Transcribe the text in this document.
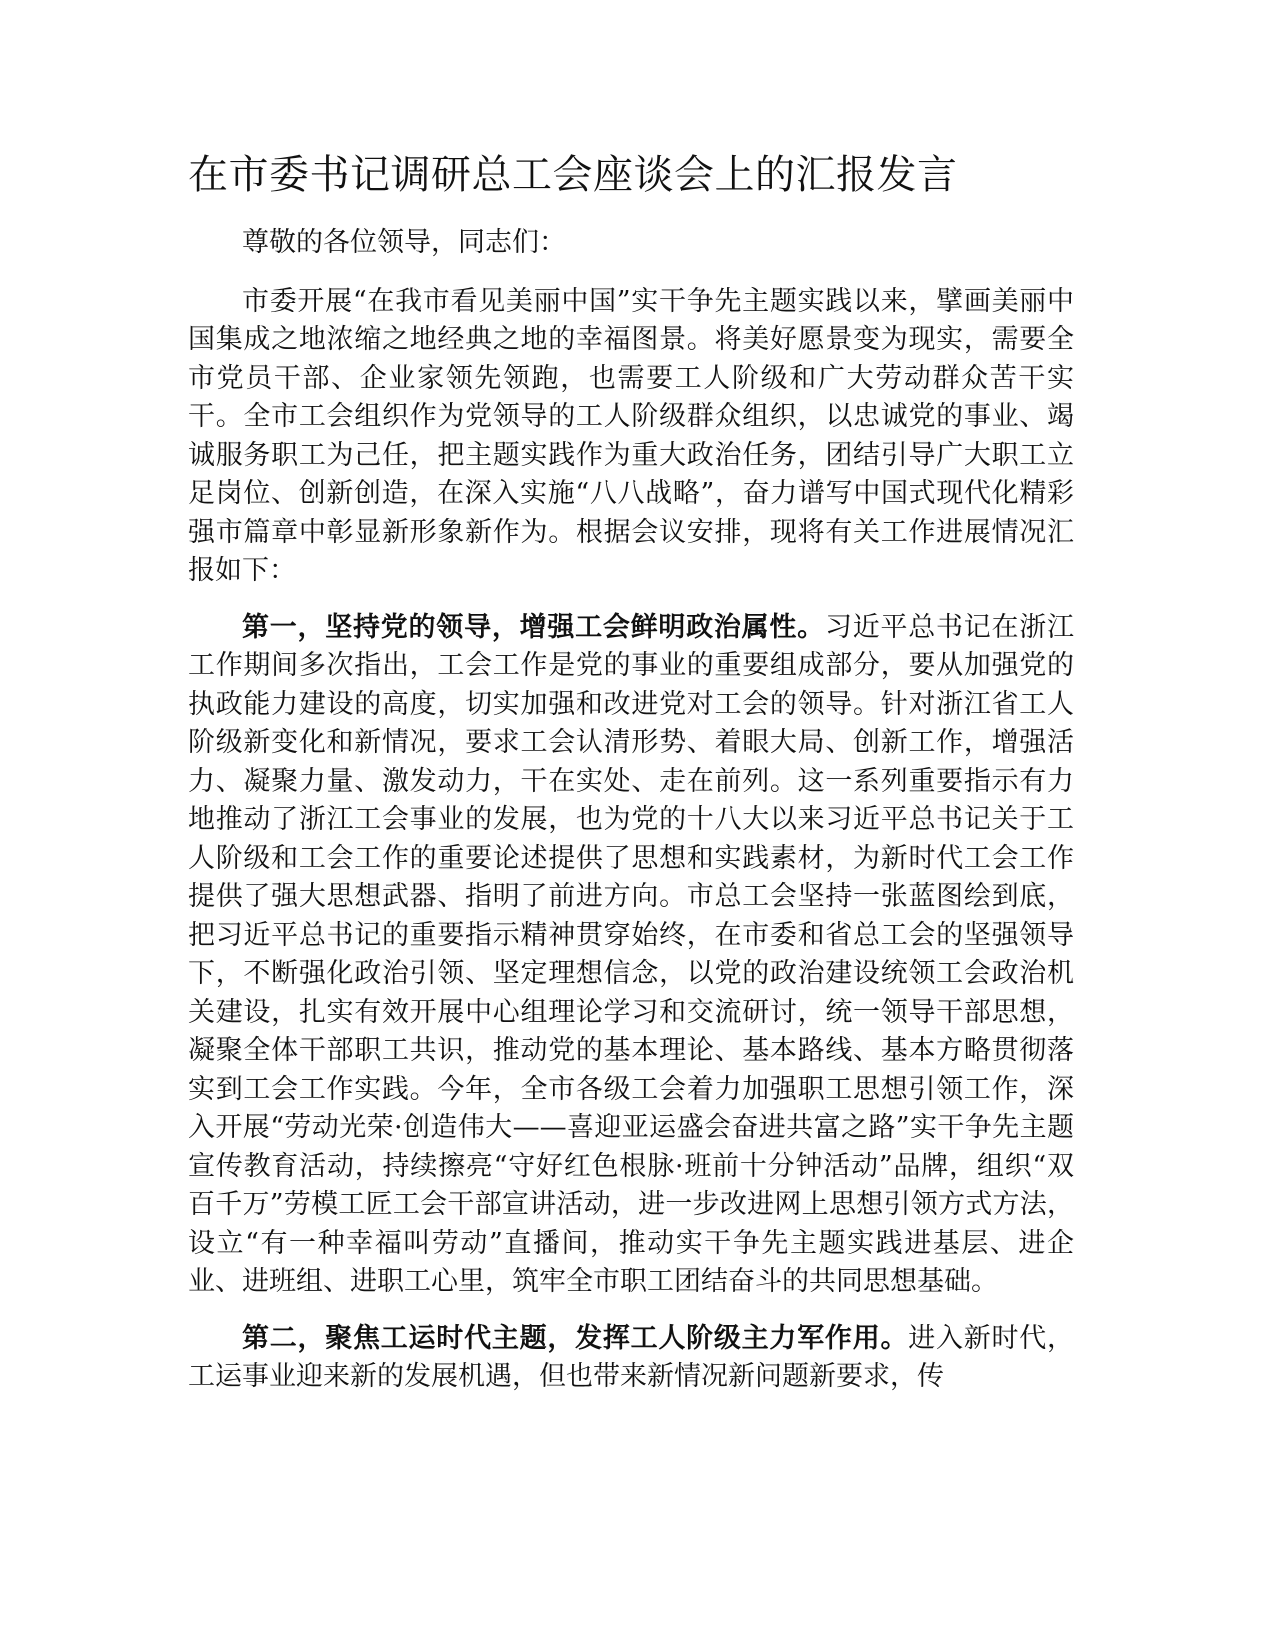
在市委书记调研总工会座谈会上的汇报发言

尊敬的各位领导，同志们：

市委开展“在我市看见美丽中国”实干争先主题实践以来，擘画美丽中国集成之地浓缩之地经典之地的幸福图景。将美好愿景变为现实，需要全市党员干部、企业家领先领跑，也需要工人阶级和广大劳动群众苦干实干。全市工会组织作为党领导的工人阶级群众组织，以忠诚党的事业、竭诚服务职工为己任，把主题实践作为重大政治任务，团结引导广大职工立足岗位、创新创造，在深入实施“八八战略”，奋力谱写中国式现代化精彩强市篇章中彰显新形象新作为。根据会议安排，现将有关工作进展情况汇报如下：

第一，坚持党的领导，增强工会鲜明政治属性。习近平总书记在浙江工作期间多次指出，工会工作是党的事业的重要组成部分，要从加强党的执政能力建设的高度，切实加强和改进党对工会的领导。针对浙江省工人阶级新变化和新情况，要求工会认清形势、着眼大局、创新工作，增强活力、凝聚力量、激发动力，干在实处、走在前列。这一系列重要指示有力地推动了浙江工会事业的发展，也为党的十八大以来习近平总书记关于工人阶级和工会工作的重要论述提供了思想和实践素材，为新时代工会工作提供了强大思想武器、指明了前进方向。市总工会坚持一张蓝图绘到底，把习近平总书记的重要指示精神贯穿始终，在市委和省总工会的坚强领导下，不断强化政治引领、坚定理想信念，以党的政治建设统领工会政治机关建设，扎实有效开展中心组理论学习和交流研讨，统一领导干部思想，凝聚全体干部职工共识，推动党的基本理论、基本路线、基本方略贯彻落实到工会工作实践。今年，全市各级工会着力加强职工思想引领工作，深入开展“劳动光荣·创造伟大——喜迎亚运盛会奋进共富之路”实干争先主题宣传教育活动，持续擦亮“守好红色根脉·班前十分钟活动”品牌，组织“双百千万”劳模工匠工会干部宣讲活动，进一步改进网上思想引领方式方法，设立“有一种幸福叫劳动”直播间，推动实干争先主题实践进基层、进企业、进班组、进职工心里，筑牢全市职工团结奋斗的共同思想基础。

第二，聚焦工运时代主题，发挥工人阶级主力军作用。进入新时代，工运事业迎来新的发展机遇，但也带来新情况新问题新要求，传
